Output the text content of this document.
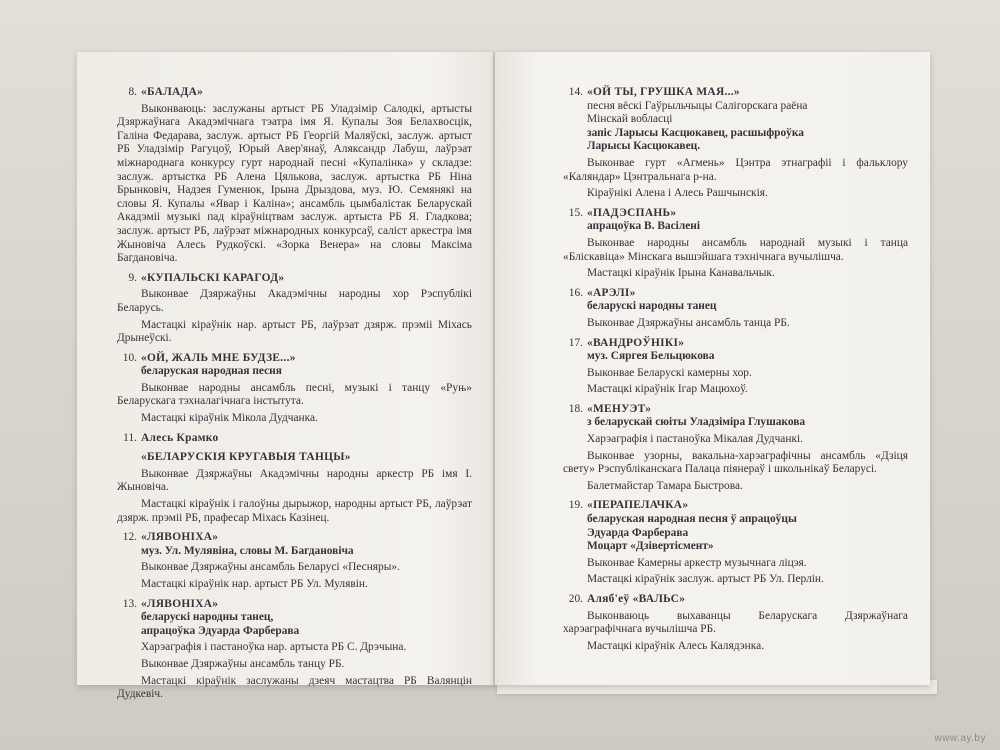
8. «БАЛАДА»
Выконваюць: заслужаны артыст РБ Уладзімір Салодкі, артысты Дзяржаўнага Акадэмічнага тэатра імя Я. Купалы Зоя Белахвосцік, Галіна Федарава, заслуж. артыст РБ Георгій Маляўскі, заслуж. артыст РБ Уладзімір Рагуцоў, Юрый Авер'янаў, Аляксандр Лабуш, лаўрэат міжнароднага конкурсу гурт народнай песні «Купалінка» у складзе: заслуж. артыстка РБ Алена Цялькова, заслуж. артыстка РБ Ніна Брынковіч, Надзея Гуменюк, Ірына Дрыздова, муз. Ю. Семянякі на словы Я. Купалы «Явар і Каліна»; ансамбль цымбалістак Беларускай Акадэміі музыкі пад кіраўніцтвам заслуж. артыста РБ Я. Гладкова; заслуж. артыст РБ, лаўрэат міжнародных конкурсаў, саліст аркестра імя Жыновіча Алесь Рудкоўскі. «Зорка Венера» на словы Максіма Багдановіча.
9. «КУПАЛЬСКІ КАРАГОД»
Выконвае Дзяржаўны Акадэмічны народны хор Рэспублікі Беларусь.
Мастацкі кіраўнік нар. артыст РБ, лаўрэат дзярж. прэміі Міхась Дрынеўскі.
10. «ОЙ, ЖАЛЬ МНЕ БУДЗЕ...»
беларуская народная песня
Выконвае народны ансамбль песні, музыкі і танцу «Руњ» Беларускага тэхналагічнага інстытута.
Мастацкі кіраўнік Мікола Дудчанка.
11. Алесь Крамко
«БЕЛАРУСКІЯ КРУГАВЫЯ ТАНЦЫ»
Выконвае Дзяржаўны Акадэмічны народны аркестр РБ імя І. Жыновіча.
Мастацкі кіраўнік і галоўны дырыжор, народны артыст РБ, лаўрэат дзярж. прэміі РБ, прафесар Міхась Казінец.
12. «ЛЯВОНІХА»
муз. Ул. Мулявіна, словы М. Багдановіча
Выконвае Дзяржаўны ансамбль Беларусі «Песняры».
Мастацкі кіраўнік нар. артыст РБ Ул. Мулявін.
13. «ЛЯВОНІХА»
беларускі народны танец,
апрацоўка Эдуарда Фарберава
Харэаграфія і пастаноўка нар. артыста РБ С. Дрэчына.
Выконвае Дзяржаўны ансамбль танцу РБ.
Мастацкі кіраўнік заслужаны дзеяч мастацтва РБ Валянцін Дудкевіч.
14. «ОЙ ТЫ, ГРУШКА МАЯ...»
песня вёскі Гаўрыльчыцы Салігорскага раёна
Мінскай вобласці
запіс Ларысы Касцюкавец, расшыфроўка
Ларысы Касцюкавец.
Выконвае гурт «Агмень» Цэнтра этнаграфіі і фальклору «Каляндар» Цэнтральнага р-на.
Кіраўнікі Алена і Алесь Рашчынскія.
15. «ПАДЭСПАНЬ»
апрацоўка В. Васілені
Выконвае народны ансамбль народнай музыкі і танца «Бліскавіца» Мінскага вышэйшага тэхнічнага вучылішча.
Мастацкі кіраўнік Ірына Канавальчык.
16. «АРЭЛІ»
беларускі народны танец
Выконвае Дзяржаўны ансамбль танца РБ.
17. «ВАНДРОЎНІКІ»
муз. Сяргея Бельцюкова
Выконвае Беларускі камерны хор.
Мастацкі кіраўнік Ігар Мацюхоў.
18. «МЕНУЭТ»
з беларускай сюіты Уладзіміра Глушакова
Харэаграфія і пастаноўка Мікалая Дудчанкі.
Выконвае узорны, вакальна-харэаграфічны ансамбль «Дзіця свету» Рэспубліканскага Палаца піянераў і школьнікаў Беларусі.
Балетмайстар Тамара Быстрова.
19. «ПЕРАПЕЛАЧКА»
беларуская народная песня ў апрацоўцы
Эдуарда Фарберава
Моцарт «Дзівертісмент»
Выконвае Камерны аркестр музычнага ліцэя.
Мастацкі кіраўнік заслуж. артыст РБ Ул. Перлін.
20. Аляб'еў «ВАЛЬС»
Выконваюць выхаванцы Беларускага Дзяржаўнага харэаграфічнага вучылішча РБ.
Мастацкі кіраўнік Алесь Калядэнка.
www.ay.by
